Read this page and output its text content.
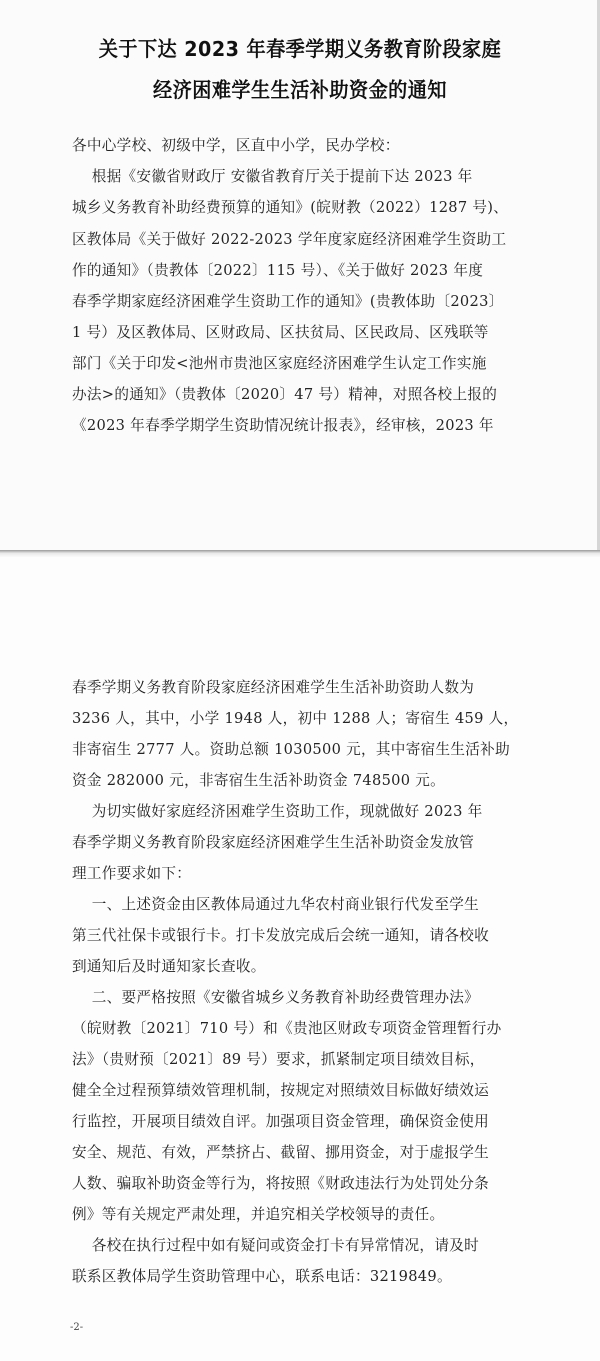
关于下达 2023 年春季学期义务教育阶段家庭
经济困难学生生活补助资金的通知
各中心学校、初级中学，区直中小学，民办学校：
根据《安徽省财政厅 安徽省教育厅关于提前下达 2023 年
城乡义务教育补助经费预算的通知》(皖财教（2022）1287 号)、
区教体局《关于做好 2022-2023 学年度家庭经济困难学生资助工
作的通知》（贵教体〔2022〕115 号）、《关于做好 2023 年度
春季学期家庭经济困难学生资助工作的通知》(贵教体助〔2023〕
1 号）及区教体局、区财政局、区扶贫局、区民政局、区残联等
部门《关于印发<池州市贵池区家庭经济困难学生认定工作实施
办法>的通知》（贵教体〔2020〕47 号）精神，对照各校上报的
《2023 年春季学期学生资助情况统计报表》，经审核，2023 年
春季学期义务教育阶段家庭经济困难学生生活补助资助人数为
3236 人，其中，小学 1948 人，初中 1288 人；寄宿生 459 人，
非寄宿生 2777 人。资助总额 1030500 元，其中寄宿生生活补助
资金 282000 元，非寄宿生生活补助资金 748500 元。
为切实做好家庭经济困难学生资助工作，现就做好 2023 年
春季学期义务教育阶段家庭经济困难学生生活补助资金发放管
理工作要求如下：
一、上述资金由区教体局通过九华农村商业银行代发至学生
第三代社保卡或银行卡。打卡发放完成后会统一通知，请各校收
到通知后及时通知家长查收。
二、要严格按照《安徽省城乡义务教育补助经费管理办法》
（皖财教〔2021〕710 号）和《贵池区财政专项资金管理暂行办
法》（贵财预〔2021〕89 号）要求，抓紧制定项目绩效目标，
健全全过程预算绩效管理机制，按规定对照绩效目标做好绩效运
行监控，开展项目绩效自评。加强项目资金管理，确保资金使用
安全、规范、有效，严禁挤占、截留、挪用资金，对于虚报学生
人数、骗取补助资金等行为，将按照《财政违法行为处罚处分条
例》等有关规定严肃处理，并追究相关学校领导的责任。
各校在执行过程中如有疑问或资金打卡有异常情况，请及时
联系区教体局学生资助管理中心，联系电话：3219849。
-2-
